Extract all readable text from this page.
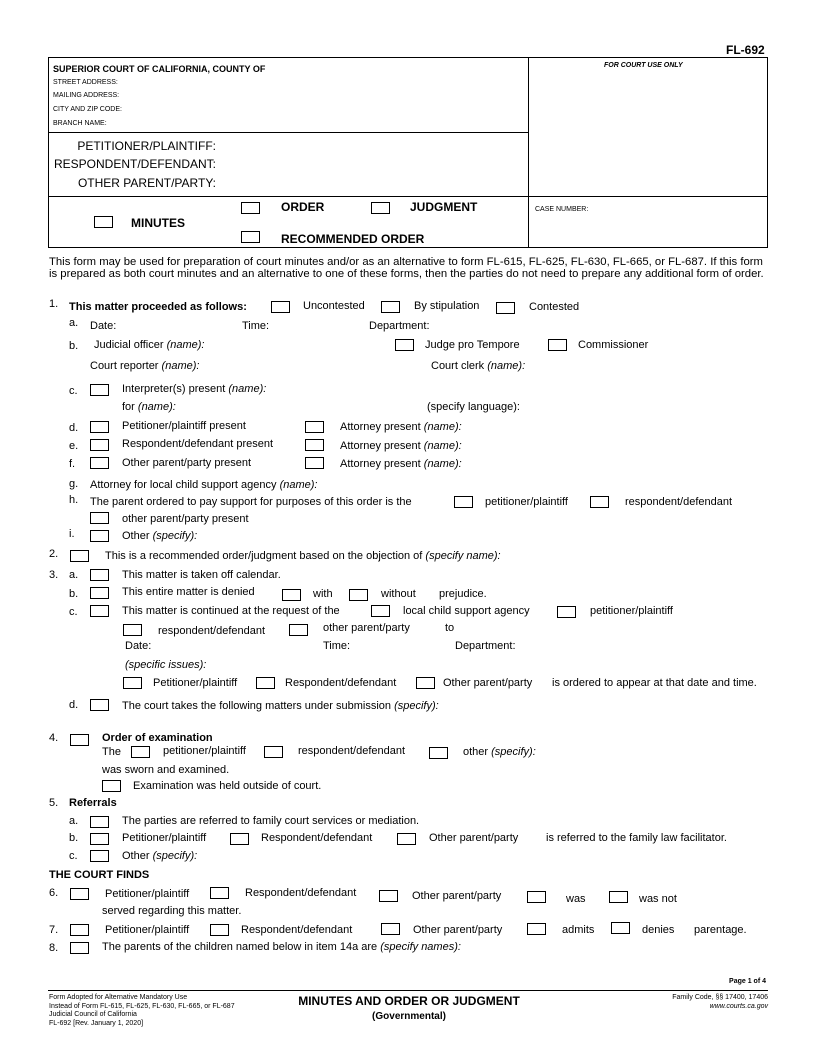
FL-692
SUPERIOR COURT OF CALIFORNIA, COUNTY OF
STREET ADDRESS:
MAILING ADDRESS:
CITY AND ZIP CODE:
BRANCH NAME:
FOR COURT USE ONLY
PETITIONER/PLAINTIFF:
RESPONDENT/DEFENDANT:
OTHER PARENT/PARTY:
MINUTES
ORDER	JUDGMENT
RECOMMENDED ORDER
CASE NUMBER:
This form may be used for preparation of court minutes and/or as an alternative to form FL-615, FL-625, FL-630, FL-665, or FL-687. If this form is prepared as both court minutes and an alternative to one of these forms, then the parties do not need to prepare any additional form of order.
1. This matter proceeded as follows:	Uncontested	By stipulation	Contested
a. Date:	Time:	Department:
b. Judicial officer (name):	Judge pro Tempore	Commissioner
Court reporter (name):	Court clerk (name):
c.	Interpreter(s) present (name):
for (name):	(specify language):
d.	Petitioner/plaintiff present	Attorney present (name):
e.	Respondent/defendant present	Attorney present (name):
f.	Other parent/party present	Attorney present (name):
g. Attorney for local child support agency (name):
h. The parent ordered to pay support for purposes of this order is the	petitioner/plaintiff	respondent/defendant
other parent/party present
i.	Other (specify):
2.	This is a recommended order/judgment based on the objection of (specify name):
3. a.	This matter is taken off calendar.
b.	This entire matter is denied	with	without prejudice.
c.	This matter is continued at the request of the	local child support agency	petitioner/plaintiff
respondent/defendant	other parent/party	to
Date:	Time:	Department:
(specific issues):
Petitioner/plaintiff	Respondent/defendant	Other parent/party is ordered to appear at that date and time.
d.	The court takes the following matters under submission (specify):
4.	Order of examination
The	petitioner/plaintiff	respondent/defendant	other (specify):
was sworn and examined.
Examination was held outside of court.
5. Referrals
a.	The parties are referred to family court services or mediation.
b.	Petitioner/plaintiff	Respondent/defendant	Other parent/party	is referred to the family law facilitator.
c.	Other (specify):
THE COURT FINDS
6.	Petitioner/plaintiff	Respondent/defendant	Other parent/party	was	was not
served regarding this matter.
7.	Petitioner/plaintiff	Respondent/defendant	Other parent/party	admits	denies parentage.
8.	The parents of the children named below in item 14a are (specify names):
Page 1 of 4
Form Adopted for Alternative Mandatory Use
Instead of Form FL-615, FL-625, FL-630, FL-665, or FL-687
Judicial Council of California
FL-692 [Rev. January 1, 2020]
MINUTES AND ORDER OR JUDGMENT
(Governmental)
Family Code, §§ 17400, 17406
www.courts.ca.gov
